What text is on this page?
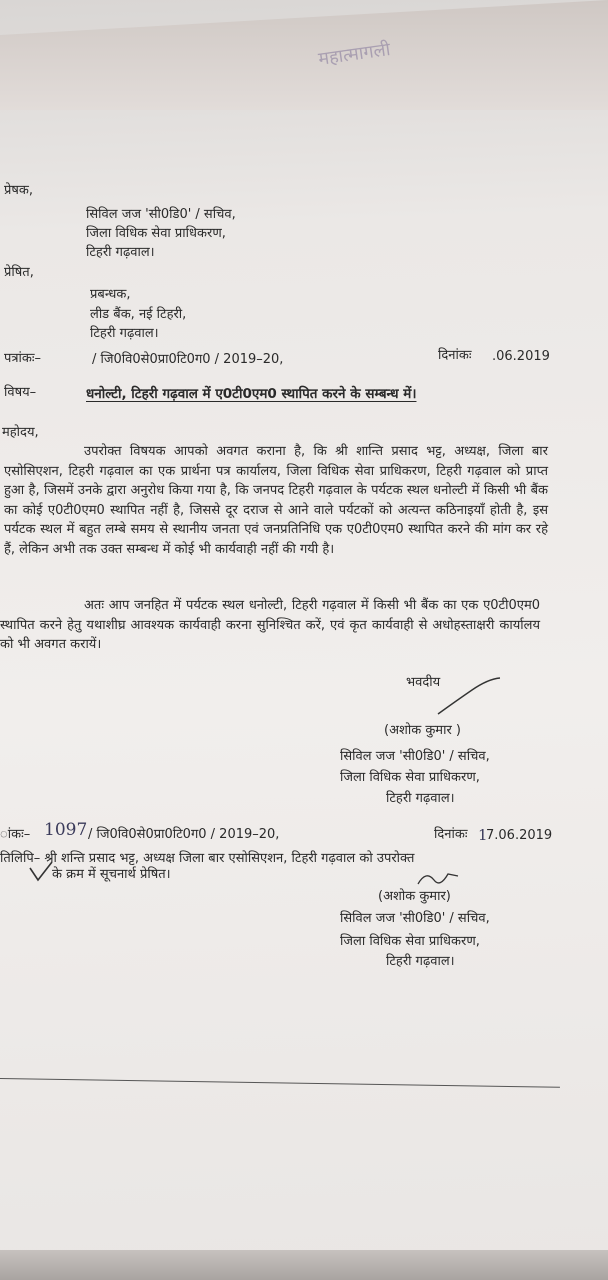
महात्मागली
प्रेषक,
सिविल जज 'सी0डि0' / सचिव,
जिला विधिक सेवा प्राधिकरण,
टिहरी गढ़वाल।
प्रेषित,
प्रबन्धक,
लीड बैंक, नई टिहरी,
टिहरी गढ़वाल।
पत्रांकः–	/ जि0वि0से0प्रा0टि0ग0 / 2019–20,	दिनांकः .06.2019
विषय–	धनोल्टी, टिहरी गढ़वाल में ए0टी0एम0 स्थापित करने के सम्बन्ध में।
महोदय,
उपरोक्त विषयक आपको अवगत कराना है, कि श्री शान्ति प्रसाद भट्ट, अध्यक्ष, जिला बार एसोसिएशन, टिहरी गढ़वाल का एक प्रार्थना पत्र कार्यालय, जिला विधिक सेवा प्राधिकरण, टिहरी गढ़वाल को प्राप्त हुआ है, जिसमें उनके द्वारा अनुरोध किया गया है, कि जनपद टिहरी गढ़वाल के पर्यटक स्थल धनोल्टी में किसी भी बैंक का कोई ए0टी0एम0 स्थापित नहीं है, जिससे दूर दराज से आने वाले पर्यटकों को अत्यन्त कठिनाइयाँ होती है, इस पर्यटक स्थल में बहुत लम्बे समय से स्थानीय जनता एवं जनप्रतिनिधि एक ए0टी0एम0 स्थापित करने की मांग कर रहे हैं, लेकिन अभी तक उक्त सम्बन्ध में कोई भी कार्यवाही नहीं की गयी है।
अतः आप जनहित में पर्यटक स्थल धनोल्टी, टिहरी गढ़वाल में किसी भी बैंक का एक ए0टी0एम0 स्थापित करने हेतु यथाशीघ्र आवश्यक कार्यवाही करना सुनिश्चित करें, एवं कृत कार्यवाही से अधोहस्ताक्षरी कार्यालय को भी अवगत करायें।
भवदीय
(अशोक कुमार )
सिविल जज 'सी0डि0' / सचिव,
जिला विधिक सेवा प्राधिकरण,
टिहरी गढ़वाल।
ांकः– 1097 / जि0वि0से0प्रा0टि0ग0 / 2019–20,	दिनांकः 1
7.06.2019
तिलिपि– श्री शन्ति प्रसाद भट्ट, अध्यक्ष जिला बार एसोसिएशन, टिहरी गढ़वाल को उपरोक्त
के क्रम में सूचनार्थ प्रेषित।
(अशोक कुमार)
सिविल जज 'सी0डि0' / सचिव,
जिला विधिक सेवा प्राधिकरण,
टिहरी गढ़वाल।
